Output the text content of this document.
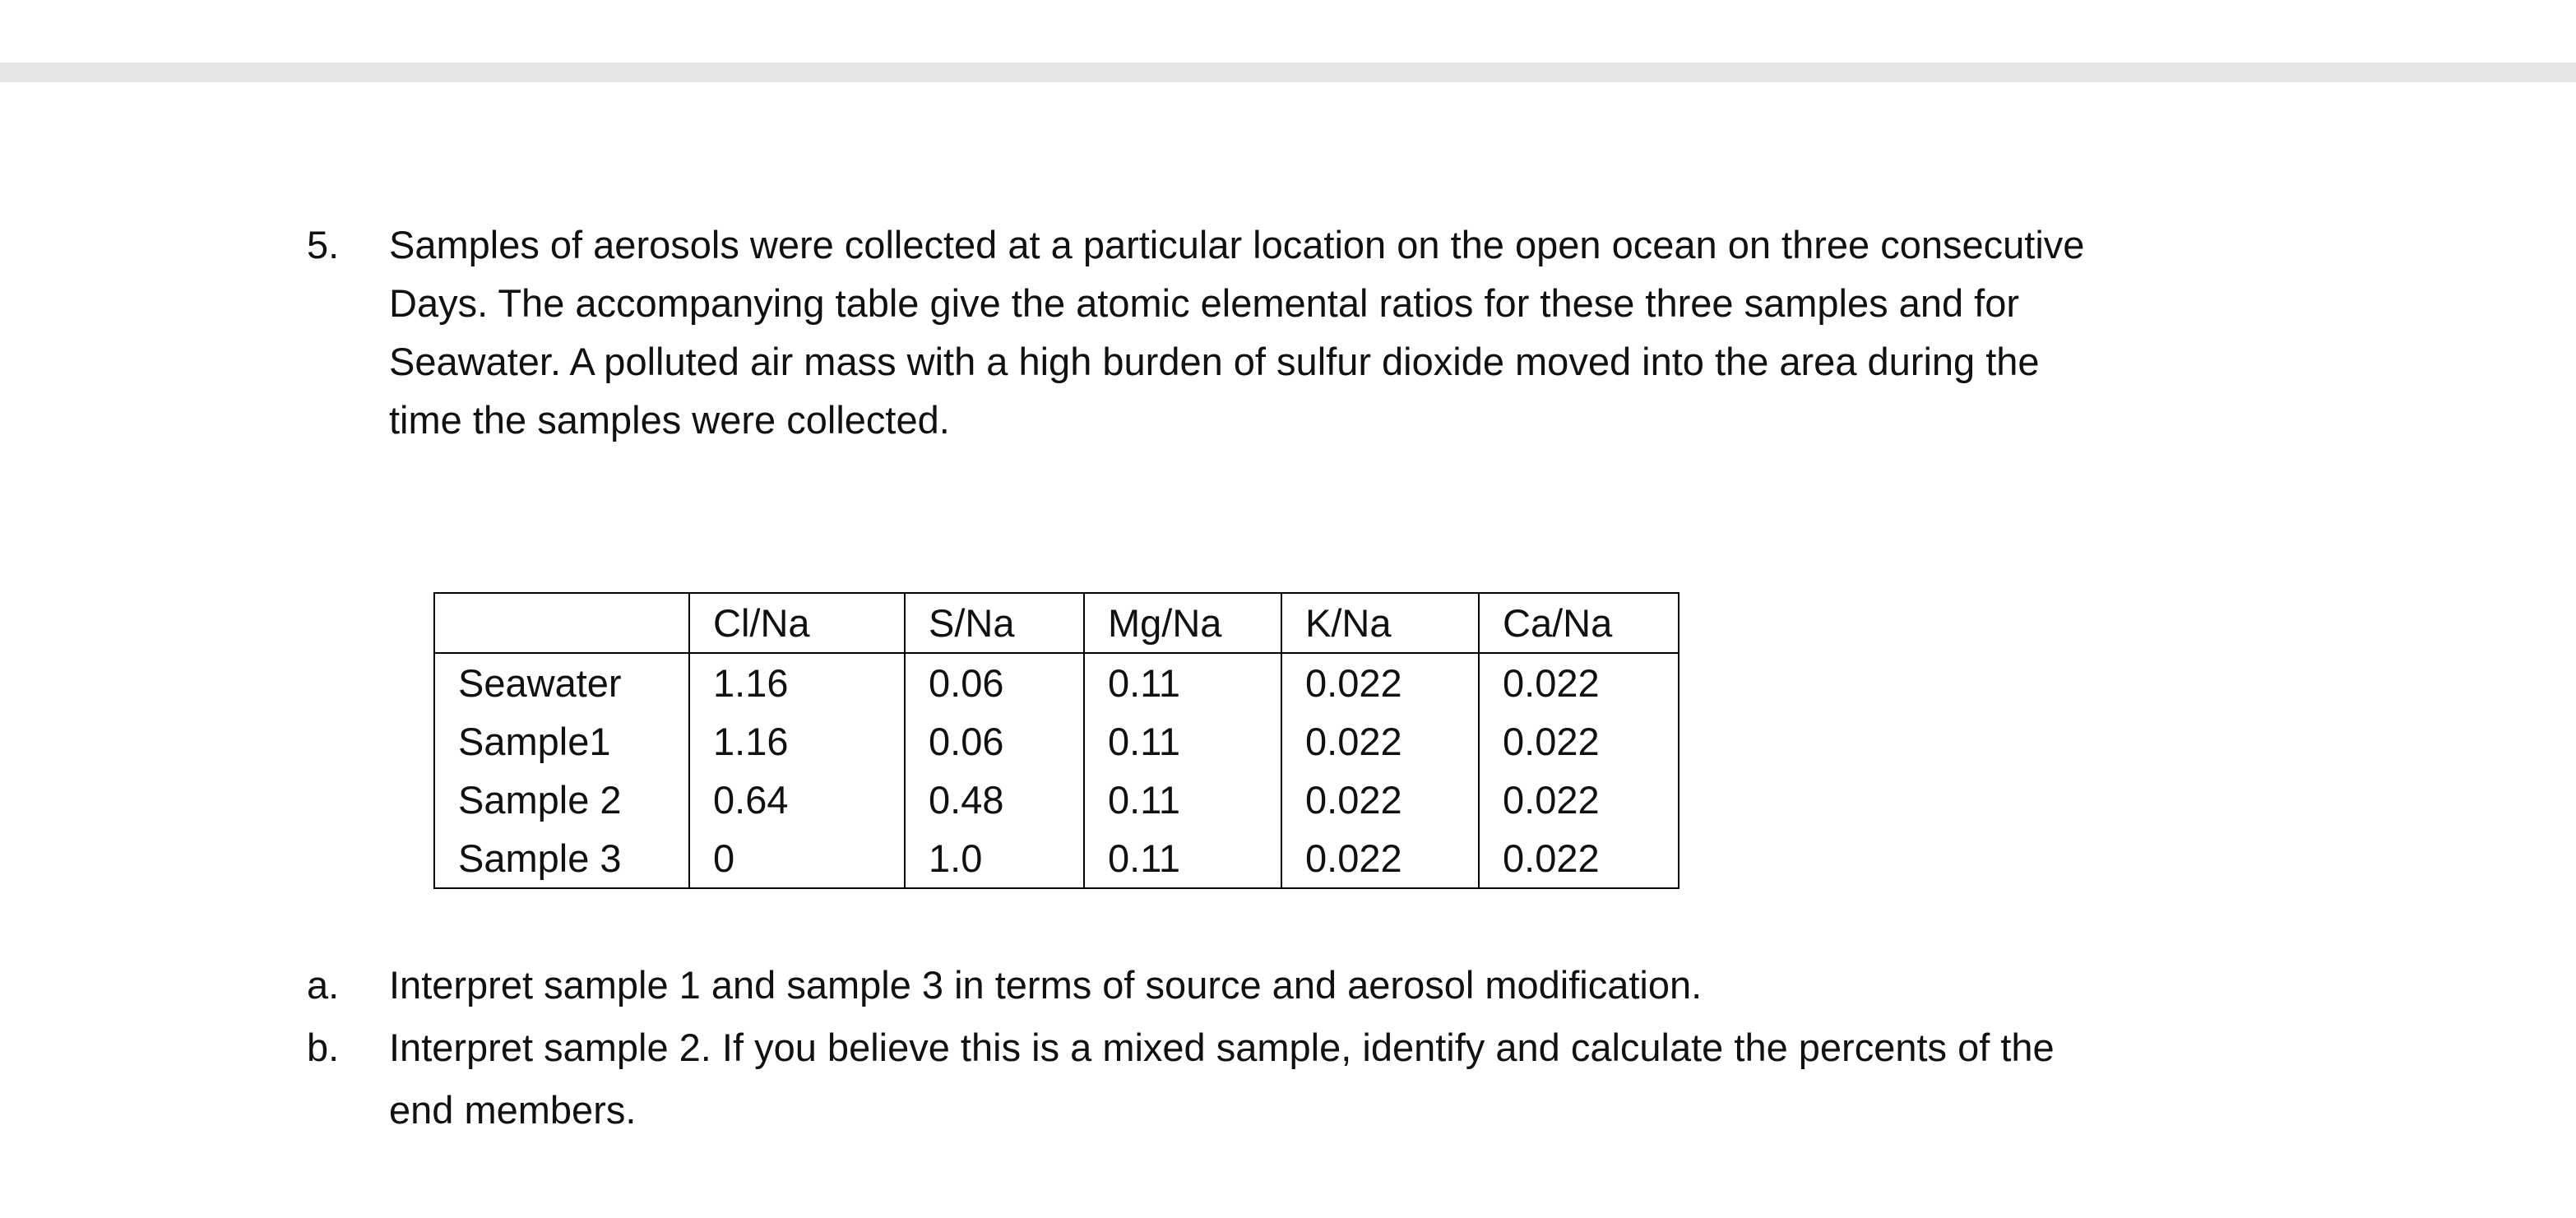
5.	Samples of aerosols were collected at a particular location on the open ocean on three consecutive
Days. The accompanying table give the atomic elemental ratios for these three samples and for
Seawater. A polluted air mass with a high burden of sulfur dioxide moved into the area during the
time the samples were collected.
	Cl/Na	S/Na	Mg/Na	K/Na	Ca/Na
Seawater	1.16	0.06	0.11	0.022	0.022
Sample1	1.16	0.06	0.11	0.022	0.022
Sample 2	0.64	0.48	0.11	0.022	0.022
Sample 3	0	1.0	0.11	0.022	0.022
a.	Interpret sample 1 and sample 3 in terms of source and aerosol modification.
b.	Interpret sample 2. If you believe this is a mixed sample, identify and calculate the percents of the
end members.
